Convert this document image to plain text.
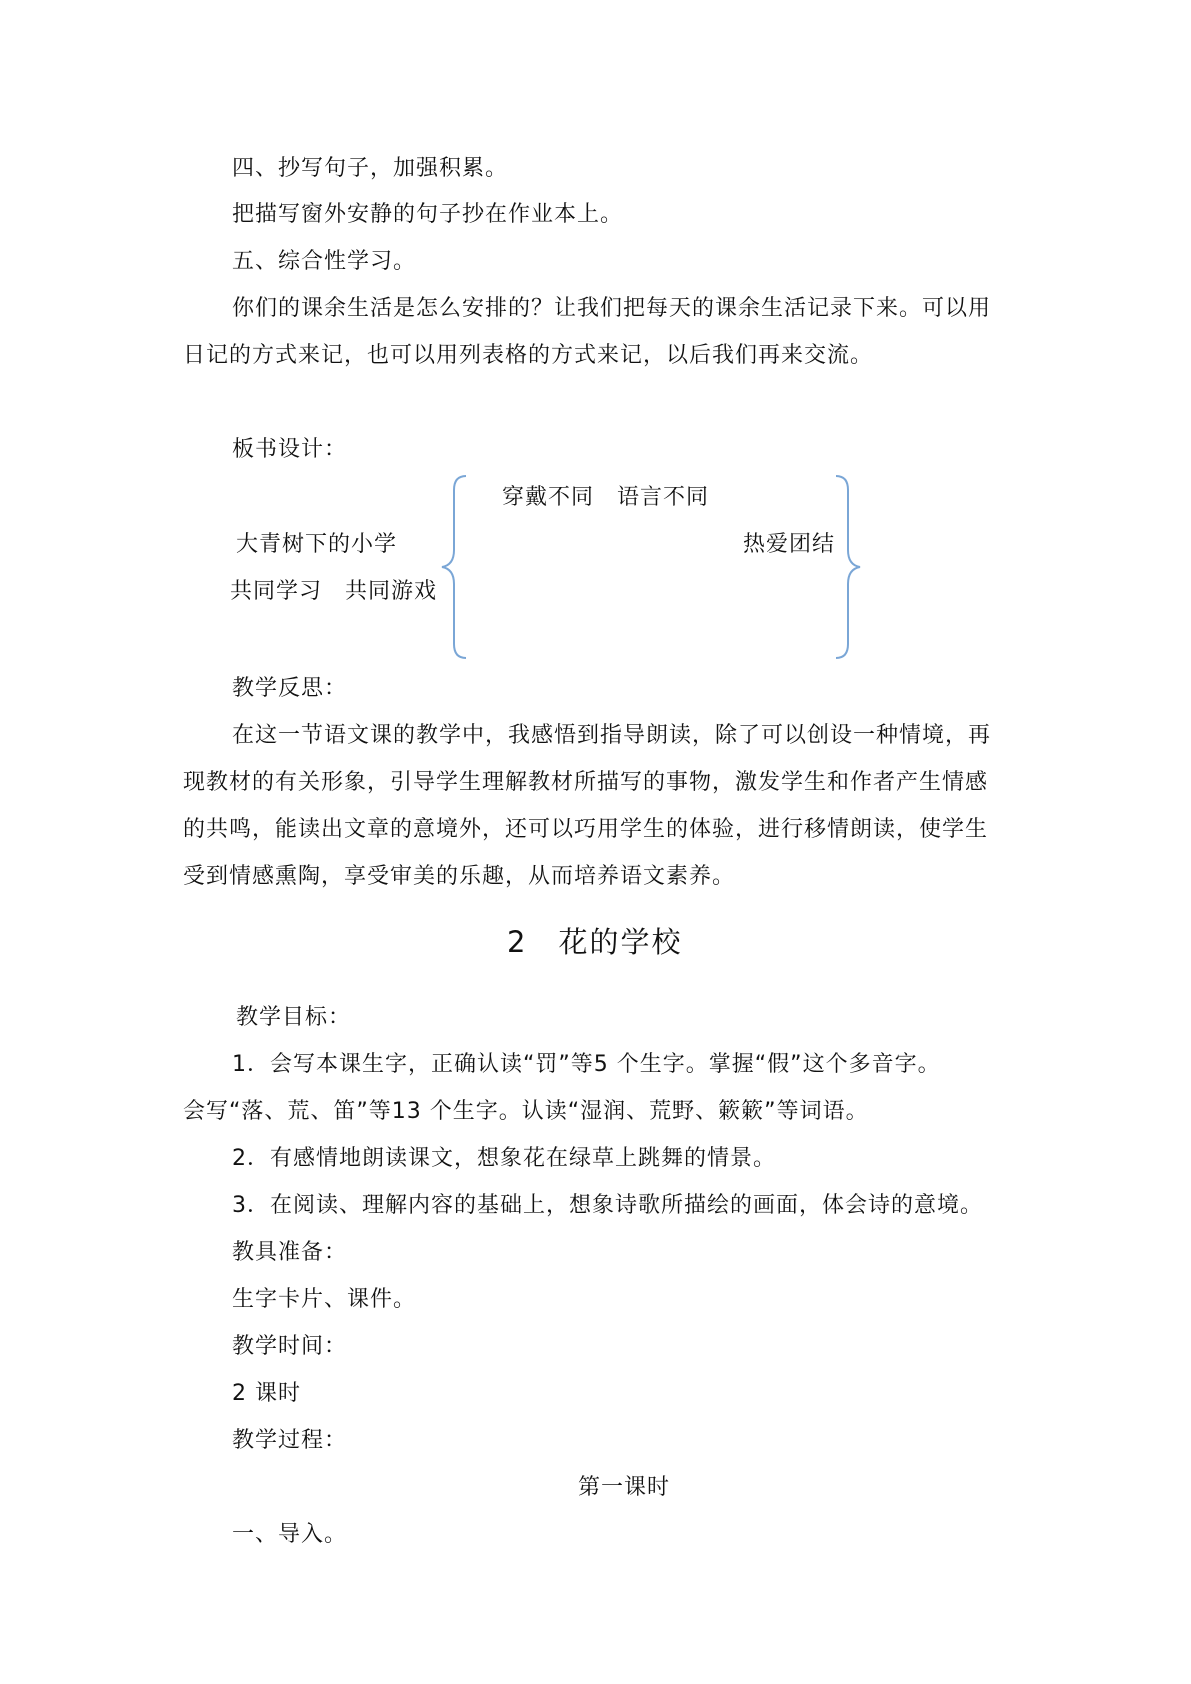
四、抄写句子，加强积累。
把描写窗外安静的句子抄在作业本上。
五、综合性学习。
你们的课余生活是怎么安排的？让我们把每天的课余生活记录下来。可以用
日记的方式来记，也可以用列表格的方式来记，以后我们再来交流。
板书设计：
穿戴不同　语言不同
大青树下的小学	热爱团结
共同学习　共同游戏
教学反思：
在这一节语文课的教学中，我感悟到指导朗读，除了可以创设一种情境，再
现教材的有关形象，引导学生理解教材所描写的事物，激发学生和作者产生情感
的共鸣，能读出文章的意境外，还可以巧用学生的体验，进行移情朗读，使学生
受到情感熏陶，享受审美的乐趣，从而培养语文素养。
2　花的学校
教学目标：
1．会写本课生字，正确认读“罚”等5 个生字。掌握“假”这个多音字。
会写“落、荒、笛”等13 个生字。认读“湿润、荒野、簌簌”等词语。
2．有感情地朗读课文，想象花在绿草上跳舞的情景。
3．在阅读、理解内容的基础上，想象诗歌所描绘的画面，体会诗的意境。
教具准备：
生字卡片、课件。
教学时间：
2 课时
教学过程：
第一课时
一、导入。
